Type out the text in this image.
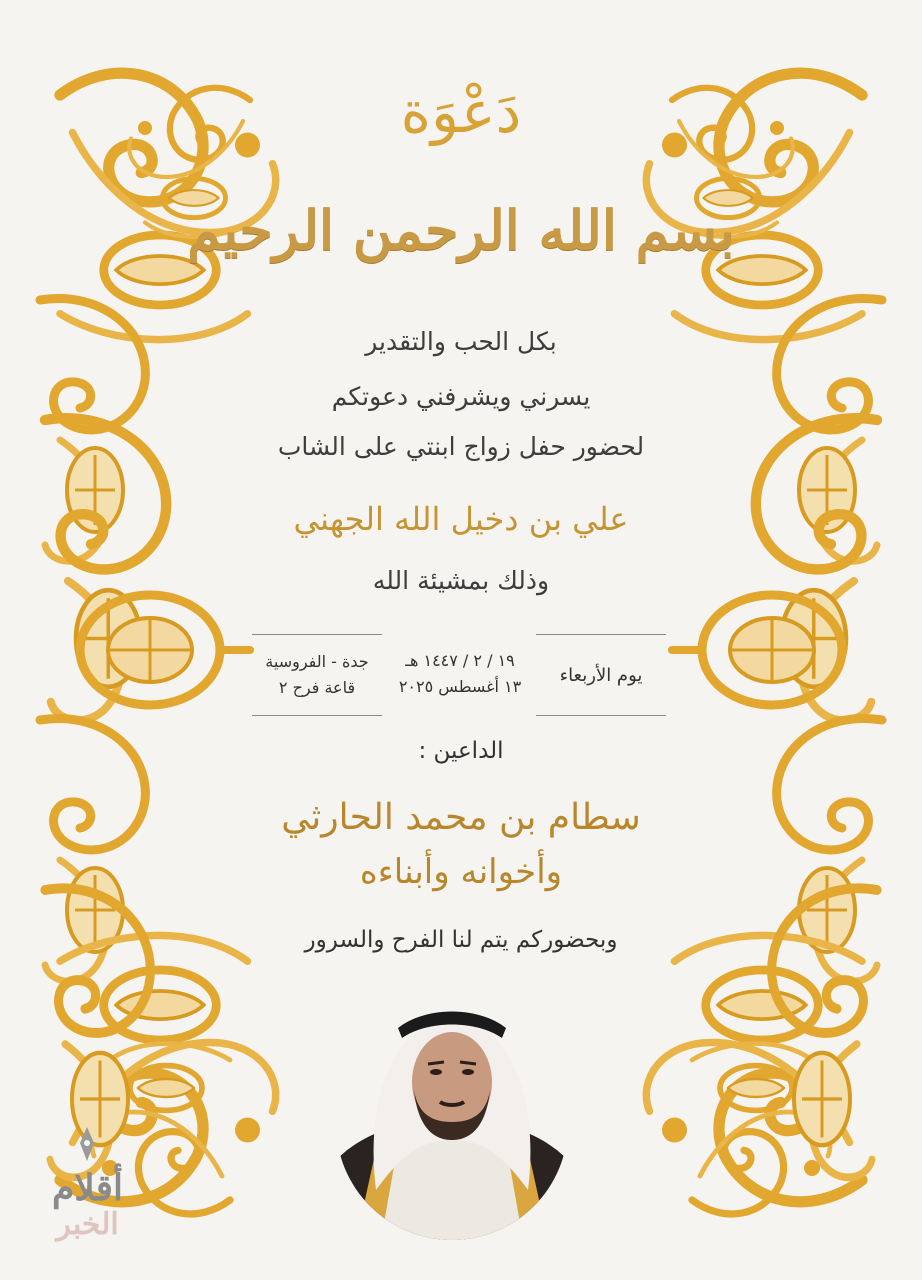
دَعْوَة
بسم الله الرحمن الرحيم
بكل الحب والتقدير
يسرني ويشرفني دعوتكم
لحضور حفل زواج ابنتي على الشاب
علي بن دخيل الله الجهني
وذلك بمشيئة الله
يوم الأربعاء
١٩ / ٢ / ١٤٤٧ هـ
١٣ أغسطس ٢٠٢٥
جدة - الفروسية
قاعة فرح ٢
الداعين :
سطام بن محمد الحارثي
وأخوانه وأبناءه
وبحضوركم يتم لنا الفرح والسرور
أقلام
الخبر
